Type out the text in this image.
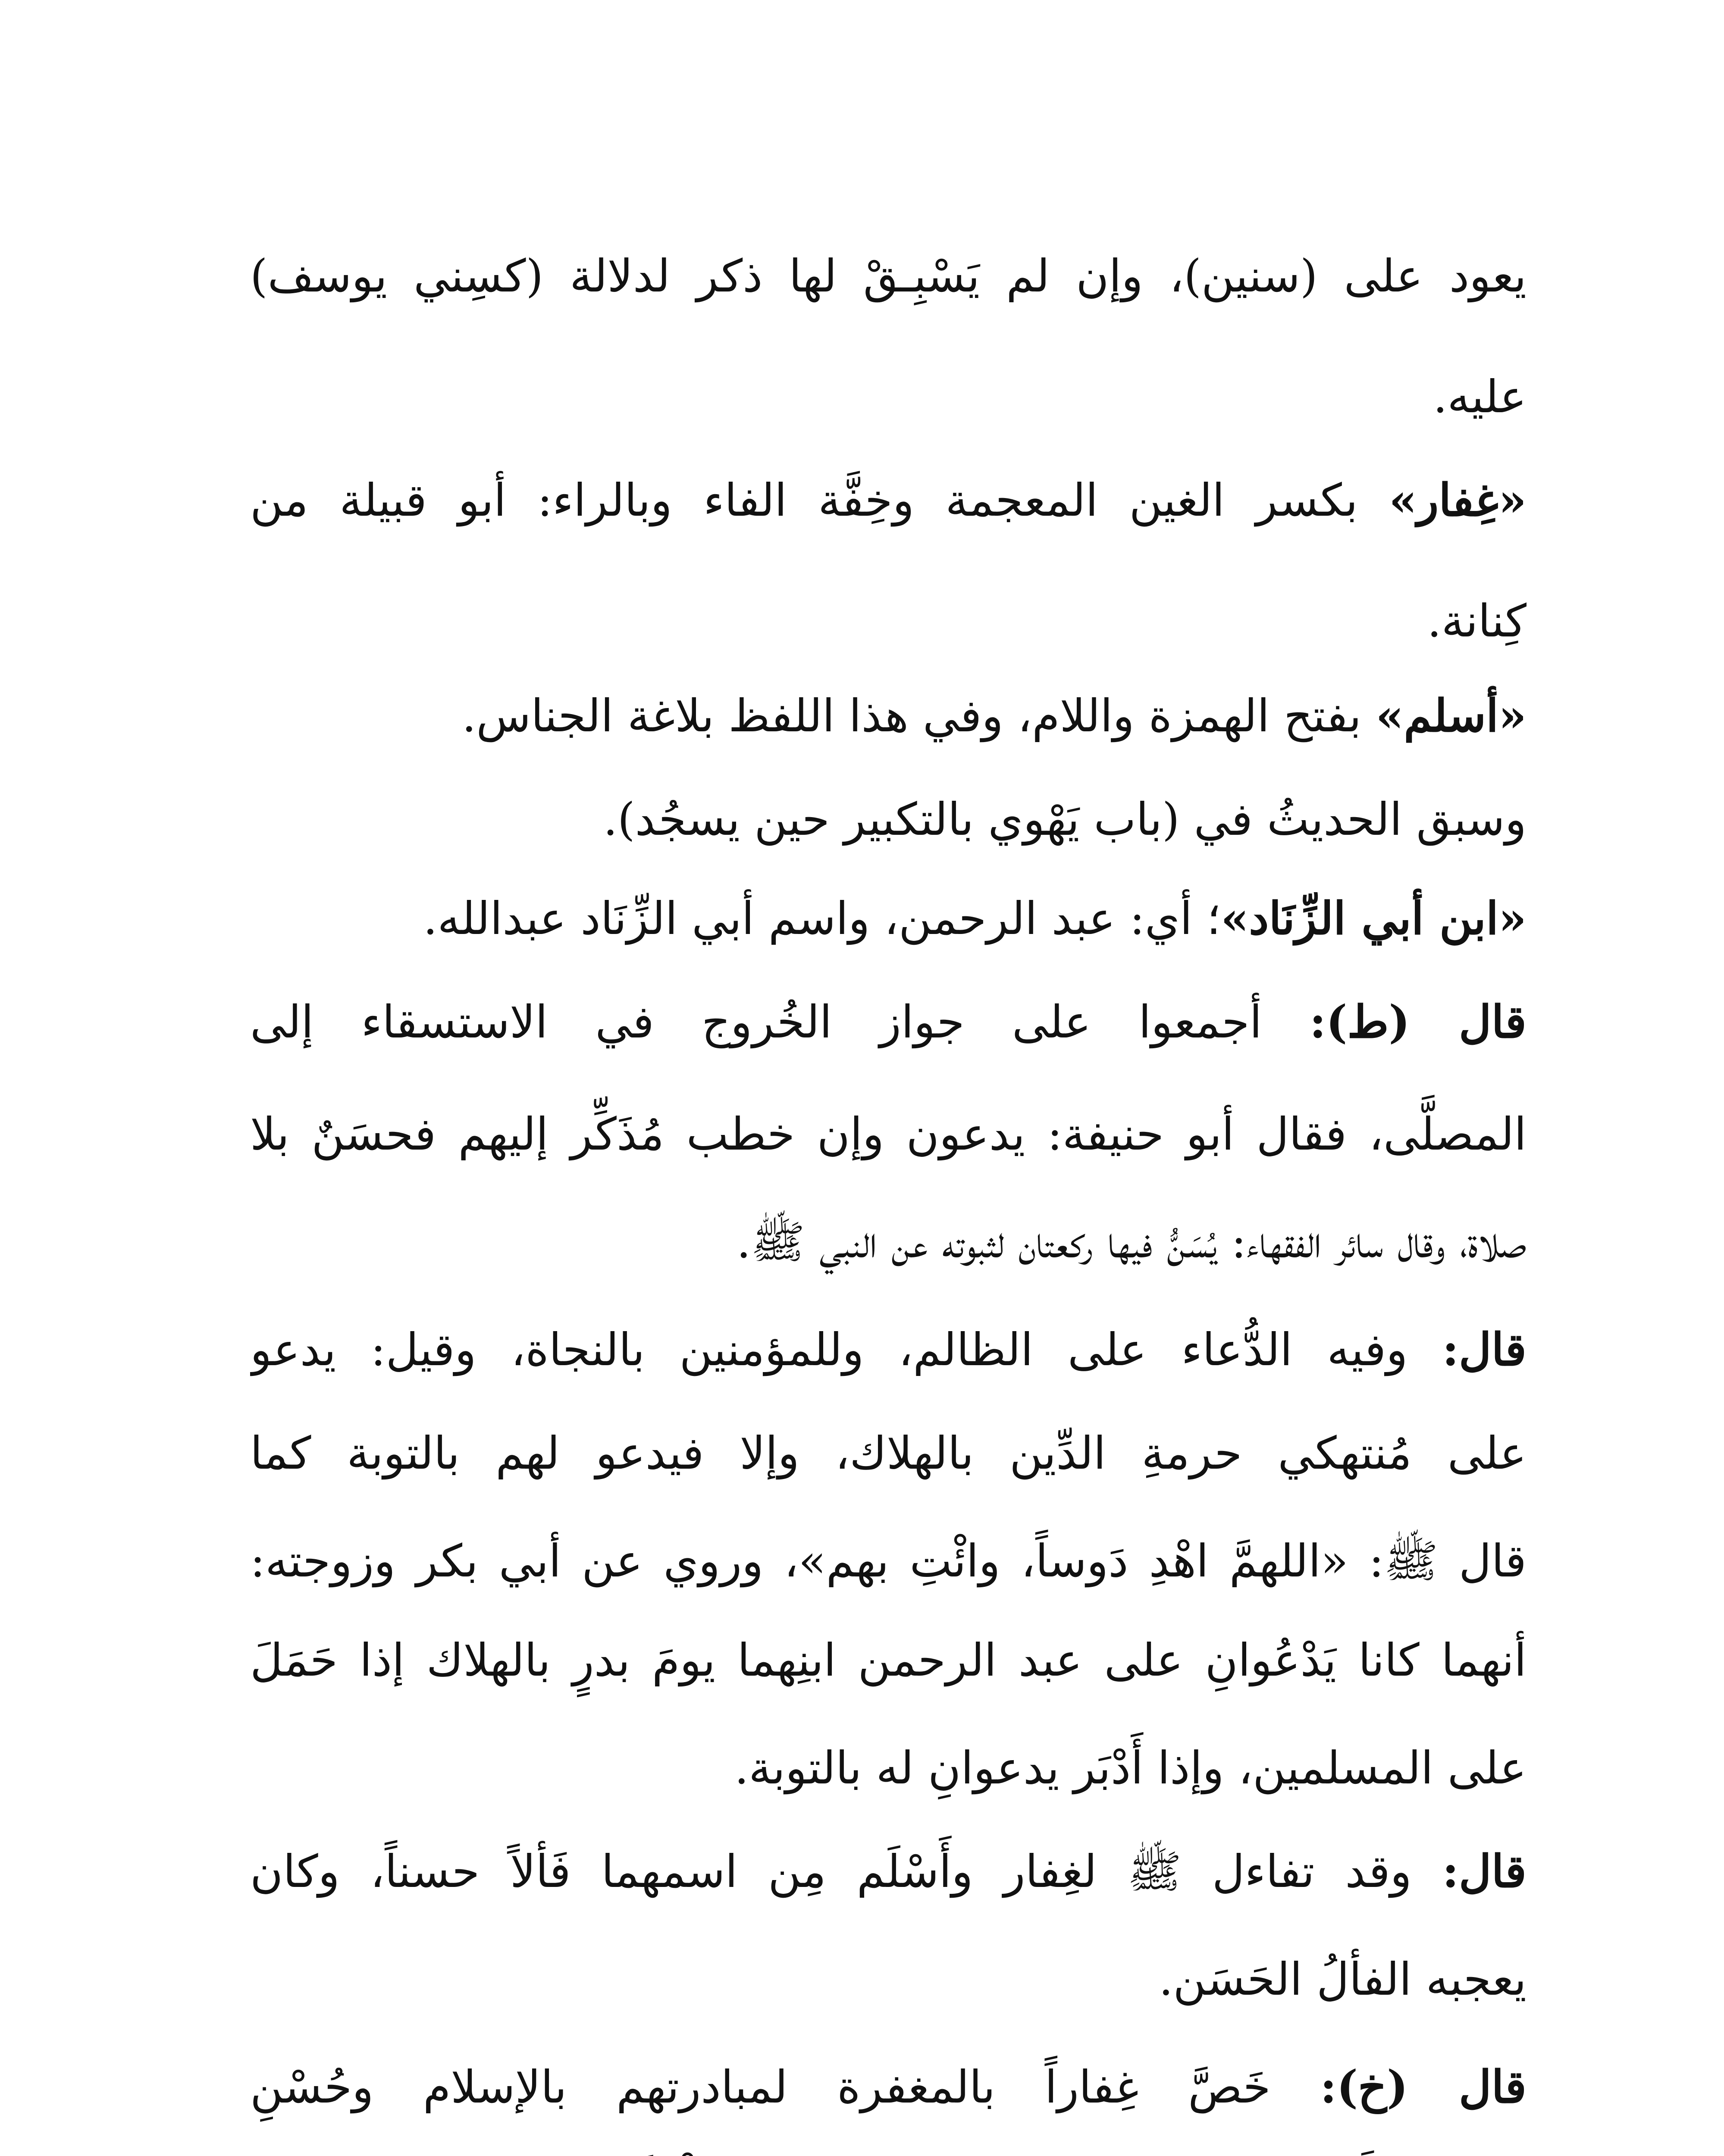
يعود على (سنين)، وإن لم يَسْبِـقْ لها ذكر لدلالة (كسِني يوسف)
عليه.
«غِفار» بكسر الغين المعجمة وخِفَّة الفاء وبالراء: أبو قبيلة من
كِنانة.
«أسلم» بفتح الهمزة واللام، وفي هذا اللفظ بلاغة الجناس.
وسبق الحديثُ في (باب يَهْوي بالتكبير حين يسجُد).
«ابن أبي الزِّنَاد»؛ أي: عبد الرحمن، واسم أبي الزِّنَاد عبدالله.
قال (ط): أجمعوا على جواز الخُروج في الاستسقاء إلى
المصلَّى، فقال أبو حنيفة: يدعون وإن خطب مُذَكِّر إليهم فحسَنٌ بلا
صلاة، وقال سائر الفقهاء: يُسَنُّ فيها ركعتان لثبوته عن النبي ﷺ.
قال: وفيه الدُّعاء على الظالم، وللمؤمنين بالنجاة، وقيل: يدعو
على مُنتهكي حرمةِ الدِّين بالهلاك، وإلا فيدعو لهم بالتوبة كما
قال ﷺ: «اللهمَّ اهْدِ دَوساً، وائْتِ بهم»، وروي عن أبي بكر وزوجته:
أنهما كانا يَدْعُوانِ على عبد الرحمن ابنِهما يومَ بدرٍ بالهلاك إذا حَمَلَ
على المسلمين، وإذا أَدْبَر يدعوانِ له بالتوبة.
قال: وقد تفاءل ﷺ لغِفار وأَسْلَم مِن اسمهما فَألاً حسناً، وكان
يعجبه الفألُ الحَسَن.
قال (خ): خَصَّ غِفاراً بالمغفرة لمبادرتهم بالإسلام وحُسْنِ
